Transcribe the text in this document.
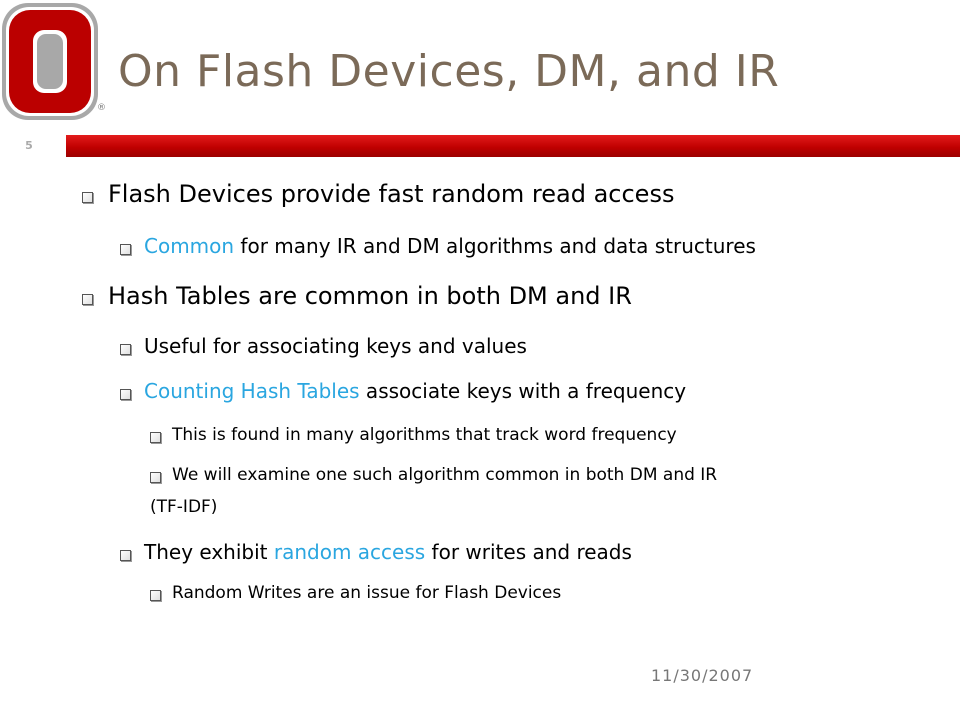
®
On Flash Devices, DM, and IR
5
Flash Devices provide fast random read access
Common for many IR and DM algorithms and data structures
Hash Tables are common in both DM and IR
Useful for associating keys and values
Counting Hash Tables associate keys with a frequency
This is found in many algorithms that track word frequency
We will examine one such algorithm common in both DM and IR
(TF-IDF)
They exhibit random access for writes and reads
Random Writes are an issue for Flash Devices
11/30/2007
